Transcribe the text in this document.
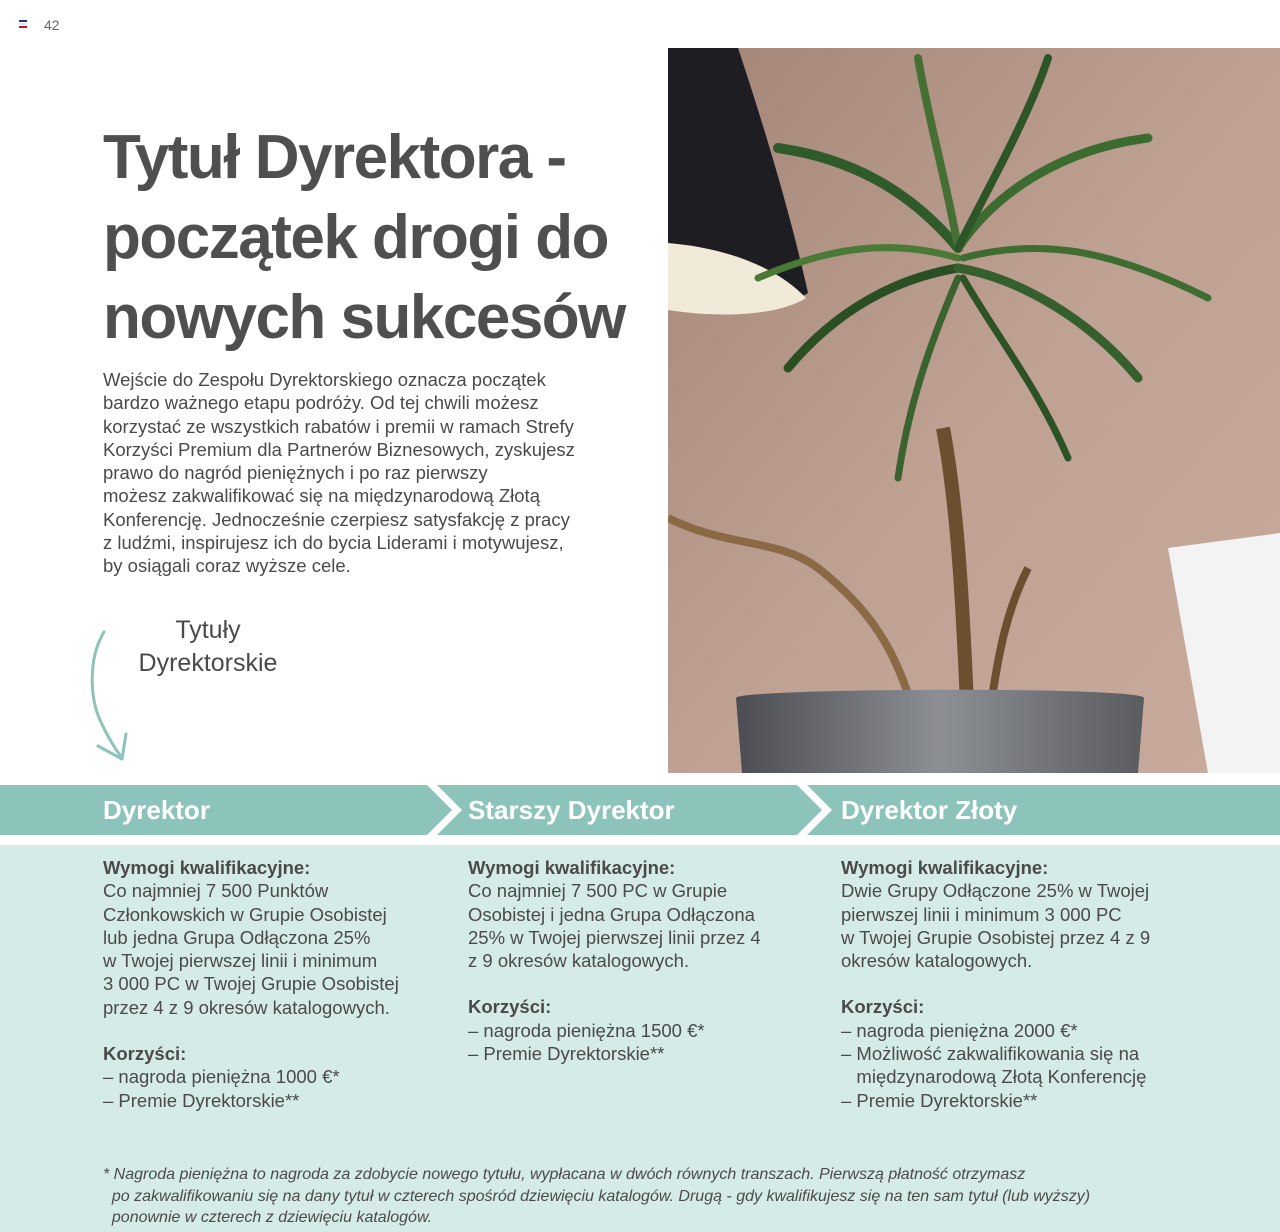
42
Tytuł Dyrektora -
początek drogi do
nowych sukcesów
Wejście do Zespołu Dyrektorskiego oznacza początek
bardzo ważnego etapu podróży. Od tej chwili możesz
korzystać ze wszystkich rabatów i premii w ramach Strefy
Korzyści Premium dla Partnerów Biznesowych, zyskujesz
prawo do nagród pieniężnych i po raz pierwszy
możesz zakwalifikować się na międzynarodową Złotą
Konferencję. Jednocześnie czerpiesz satysfakcję z pracy
z ludźmi, inspirujesz ich do bycia Liderami i motywujesz,
by osiągali coraz wyższe cele.
Tytuły
Dyrektorskie
Dyrektor	Starszy Dyrektor	Dyrektor Złoty
Wymogi kwalifikacyjne:
Co najmniej 7 500 Punktów
Członkowskich w Grupie Osobistej
lub jedna Grupa Odłączona 25%
w Twojej pierwszej linii i minimum
3 000 PC w Twojej Grupie Osobistej
przez 4 z 9 okresów katalogowych.
Korzyści:
– nagroda pieniężna 1000 €*
– Premie Dyrektorskie**
Wymogi kwalifikacyjne:
Co najmniej 7 500 PC w Grupie
Osobistej i jedna Grupa Odłączona
25% w Twojej pierwszej linii przez 4
z 9 okresów katalogowych.
Korzyści:
– nagroda pieniężna 1500 €*
– Premie Dyrektorskie**
Wymogi kwalifikacyjne:
Dwie Grupy Odłączone 25% w Twojej
pierwszej linii i minimum 3 000 PC
w Twojej Grupie Osobistej przez 4 z 9
okresów katalogowych.
Korzyści:
– nagroda pieniężna 2000 €*
– Możliwość zakwalifikowania się na
międzynarodową Złotą Konferencję
– Premie Dyrektorskie**
* Nagroda pieniężna to nagroda za zdobycie nowego tytułu, wypłacana w dwóch równych transzach. Pierwszą płatność otrzymasz
po zakwalifikowaniu się na dany tytuł w czterech spośród dziewięciu katalogów. Drugą - gdy kwalifikujesz się na ten sam tytuł (lub wyższy)
ponownie w czterech z dziewięciu katalogów.
